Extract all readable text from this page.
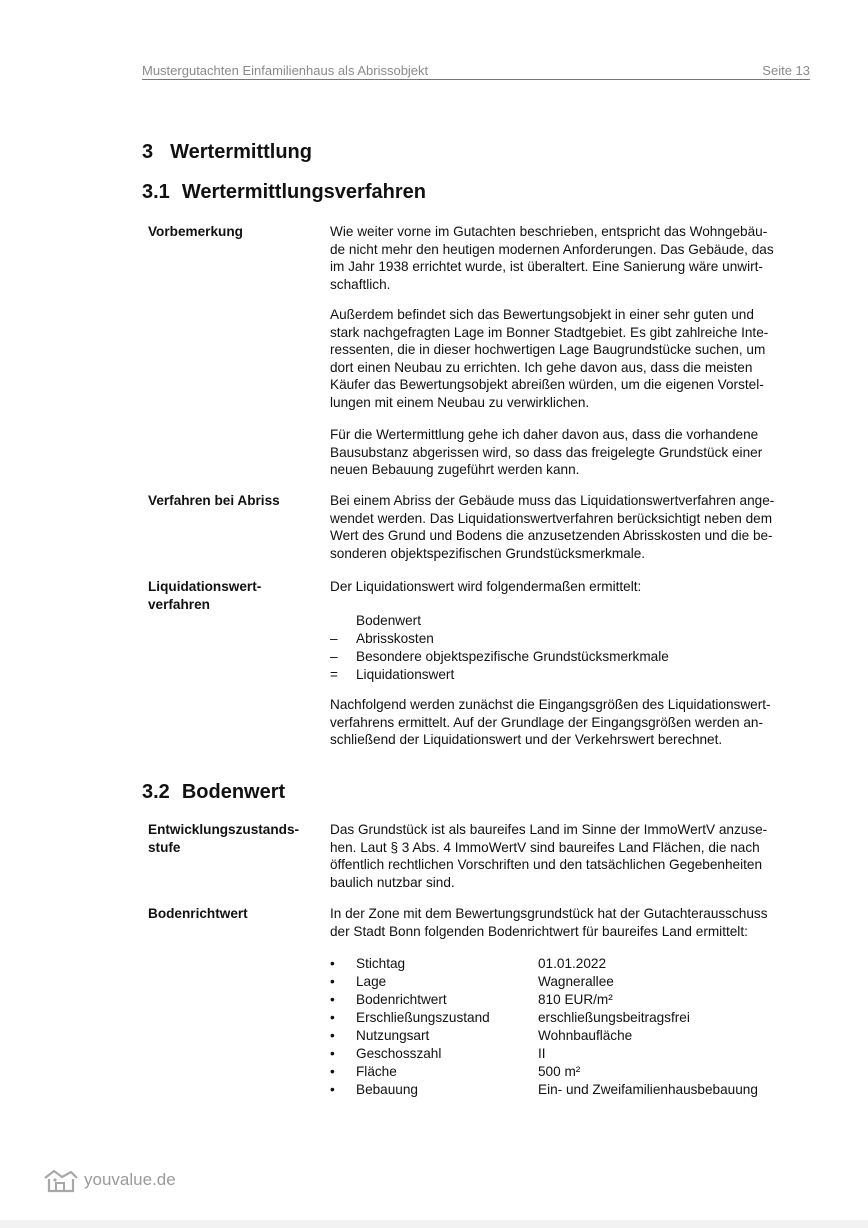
Mustergutachten Einfamilienhaus als Abrissobjekt	Seite 13
3 Wertermittlung
3.1 Wertermittlungsverfahren
Vorbemerkung	Wie weiter vorne im Gutachten beschrieben, entspricht das Wohngebäu-
de nicht mehr den heutigen modernen Anforderungen. Das Gebäude, das
im Jahr 1938 errichtet wurde, ist überaltert. Eine Sanierung wäre unwirt-
schaftlich.
Außerdem befindet sich das Bewertungsobjekt in einer sehr guten und
stark nachgefragten Lage im Bonner Stadtgebiet. Es gibt zahlreiche Inte-
ressenten, die in dieser hochwertigen Lage Baugrundstücke suchen, um
dort einen Neubau zu errichten. Ich gehe davon aus, dass die meisten
Käufer das Bewertungsobjekt abreißen würden, um die eigenen Vorstel-
lungen mit einem Neubau zu verwirklichen.
Für die Wertermittlung gehe ich daher davon aus, dass die vorhandene
Bausubstanz abgerissen wird, so dass das freigelegte Grundstück einer
neuen Bebauung zugeführt werden kann.
Verfahren bei Abriss	Bei einem Abriss der Gebäude muss das Liquidationswertverfahren ange-
wendet werden. Das Liquidationswertverfahren berücksichtigt neben dem
Wert des Grund und Bodens die anzusetzenden Abrisskosten und die be-
sonderen objektspezifischen Grundstücksmerkmale.
Liquidationswert-
verfahren
Der Liquidationswert wird folgendermaßen ermittelt:
Bodenwert
–	Abrisskosten
–	Besondere objektspezifische Grundstücksmerkmale
=	Liquidationswert
Nachfolgend werden zunächst die Eingangsgrößen des Liquidationswert-
verfahrens ermittelt. Auf der Grundlage der Eingangsgrößen werden an-
schließend der Liquidationswert und der Verkehrswert berechnet.
3.2 Bodenwert
Entwicklungszustands-
stufe
Das Grundstück ist als baureifes Land im Sinne der ImmoWertV anzuse-
hen. Laut § 3 Abs. 4 ImmoWertV sind baureifes Land Flächen, die nach
öffentlich rechtlichen Vorschriften und den tatsächlichen Gegebenheiten
baulich nutzbar sind.
Bodenrichtwert	In der Zone mit dem Bewertungsgrundstück hat der Gutachterausschuss
der Stadt Bonn folgenden Bodenrichtwert für baureifes Land ermittelt:
•	Stichtag	01.01.2022
•	Lage	Wagnerallee
•	Bodenrichtwert	810 EUR/m²
•	Erschließungszustand	erschließungsbeitragsfrei
•	Nutzungsart	Wohnbaufläche
•	Geschosszahl	II
•	Fläche	500 m²
•	Bebauung	Ein- und Zweifamilienhausbebauung
youvalue.de
